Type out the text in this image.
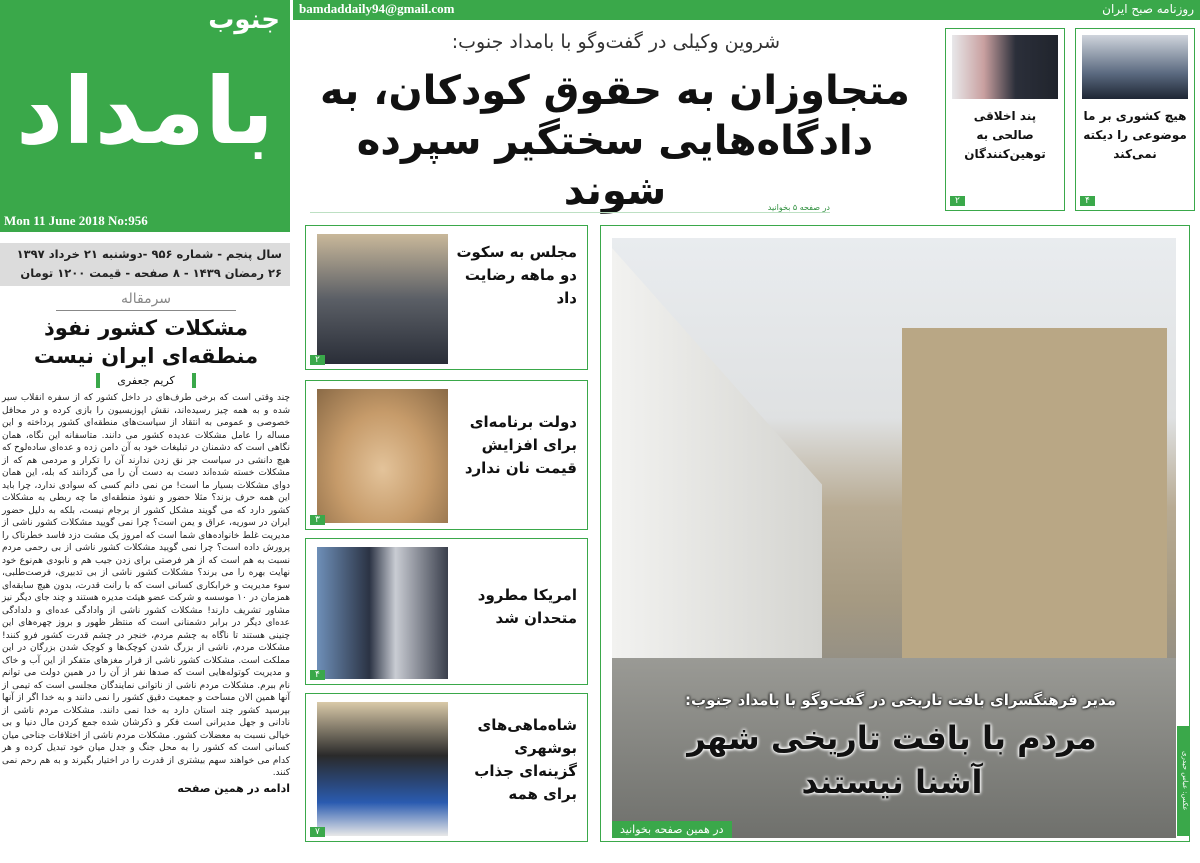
جنوب
بامداد
Mon 11 June 2018 No:956
سال پنجم - شماره ۹۵۶ -دوشنبه ۲۱ خرداد ۱۳۹۷
۲۶ رمضان ۱۴۳۹ - ۸ صفحه - قیمت ۱۲۰۰ تومان
سرمقاله
مشکلات کشور نفوذ منطقه‌ای ایران نیست
کریم جعفری
چند وقتی است که برخی طرف‌های در داخل کشور که از سفره انقلاب سیر شده و به همه چیز رسیده‌اند، نقش اپوزیسیون را بازی کرده و در محافل خصوصی و عمومی به انتقاد از سیاست‌های منطقه‌ای کشور پرداخته و این مساله را عامل مشکلات عدیده کشور می دانند. متاسفانه این نگاه، همان نگاهی است که دشمنان در تبلیغات خود به آن دامن زده و عده‌ای ساده‌لوح که هیچ دانشی در سیاست جز نق زدن ندارند آن را تکرار و مردمی هم که از مشکلات خسته شده‌اند دست به دست آن را می گردانند که بله، این همان دوای مشکلات بسیار ما است! من نمی دانم کسی که سوادی ندارد، چرا باید این همه حرف بزند؟ مثلا حضور و نفوذ منطقه‌ای ما چه ربطی به مشکلات کشور دارد که می گویند مشکل کشور از برجام نیست، بلکه به دلیل حضور ایران در سوریه، عراق و یمن است؟ چرا نمی گویید مشکلات کشور ناشی از مدیریت غلط خانواده‌های شما است که امروز یک مشت دزد فاسد خطرناک را پرورش داده است؟ چرا نمی گویید مشکلات کشور ناشی از بی رحمی مردم نسبت به هم است که از هر فرصتی برای زدن جیب هم و نابودی هم‌نوع خود نهایت بهره را می برند؟ مشکلات کشور ناشی از بی تدبیری، فرصت‌طلبی، سوء مدیریت و خرابکاری کسانی است که با رانت قدرت، بدون هیچ سابقه‌ای همزمان در ۱۰ موسسه و شرکت عضو هیئت مدیره هستند و چند جای دیگر نیز مشاور تشریف دارند! مشکلات کشور ناشی از وادادگی عده‌ای و دلدادگی عده‌ای دیگر در برابر دشمنانی است که منتظر ظهور و بروز چهره‌های این چنینی هستند تا ناگاه به چشم مردم، خنجر در چشم قدرت کشور فرو کنند! مشکلات مردم، ناشی از بزرگ شدن کوچک‌ها و کوچک شدن بزرگان در این مملکت است. مشکلات کشور ناشی از فرار مغزهای متفکر از این آب و خاک و مدیریت کوتوله‌هایی است که صدها نفر از آن را در همین دولت می توانم نام ببرم. مشکلات مردم ناشی از ناتوانی نمایندگان مجلسی است که تیمی از آنها همین الان مساحت و جمعیت دقیق کشور را نمی دانند و به خدا اگر از آنها بپرسید کشور چند استان دارد به خدا نمی دانند. مشکلات مردم ناشی از نادانی و جهل مدیرانی است فکر و ذکرشان شده جمع کردن مال دنیا و بی خیالی نسبت به معضلات کشور. مشکلات مردم ناشی از اختلافات جناحی میان کسانی است که کشور را به محل جنگ و جدل میان خود تبدیل کرده و هر کدام می خواهند سهم بیشتری از قدرت را در اختیار بگیرند و به هم رحم نمی کنند.
ادامه در همین صفحه
bamdaddaily94@gmail.com	روزنامه صبح ایران
شروین وکیلی در گفت‌وگو با بامداد جنوب:
متجاوزان به حقوق کودکان، به دادگاه‌هایی سختگیر سپرده شوند	در صفحه ۵ بخوانید
هیچ کشوری بر ما موضوعی را دیکته نمی‌کند
۴
پند اخلاقی صالحی به توهین‌کنندگان
۲
مجلس به سکوت دو ماهه رضایت داد
۲
دولت برنامه‌ای برای افزایش قیمت نان ندارد
۳
امریکا مطرود متحدان شد
۴
شاه‌ماهی‌های بوشهری گزینه‌ای جذاب برای همه
۷
مدیر فرهنگسرای بافت تاریخی در گفت‌وگو با بامداد جنوب:
مردم با بافت تاریخی شهر آشنا نیستند
در همین صفحه بخوانید
عکس: عباس حیدری
